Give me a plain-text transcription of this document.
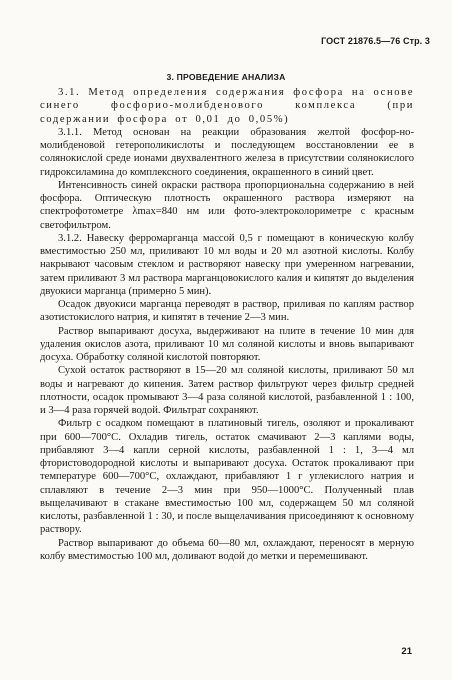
ГОСТ 21876.5—76 Стр. 3
3. ПРОВЕДЕНИЕ АНАЛИЗА

3.1. Метод определения содержания фосфора на основе синего фосфорио-молибденового комплекса (при содержании фосфора от 0,01 до 0,05%)

3.1.1. Метод основан на реакции образования желтой фосфор-но-молибденовой гетерополикислоты и последующем восстановлении ее в солянокислой среде ионами двухвалентного железа в присутствии солянокислого гидроксиламина до комплексного соединения, окрашенного в синий цвет.

Интенсивность синей окраски раствора пропорциональна содержанию в ней фосфора. Оптическую плотность окрашенного раствора измеряют на спектрофотометре λmax=840 нм или фото-электроколориметре с красным светофильтром.

3.1.2. Навеску ферромарганца массой 0,5 г помещают в коническую колбу вместимостью 250 мл, приливают 10 мл воды и 20 мл азотной кислоты. Колбу накрывают часовым стеклом и растворяют навеску при умеренном нагревании, затем приливают 3 мл раствора марганцовокислого калия и кипятят до выделения двуокиси марганца (примерно 5 мин).

Осадок двуокиси марганца переводят в раствор, приливая по каплям раствор азотистокислого натрия, и кипятят в течение 2—3 мин.

Раствор выпаривают досуха, выдерживают на плите в течение 10 мин для удаления окислов азота, приливают 10 мл соляной кислоты и вновь выпаривают досуха. Обработку соляной кислотой повторяют.

Сухой остаток растворяют в 15—20 мл соляной кислоты, приливают 50 мл воды и нагревают до кипения. Затем раствор фильтруют через фильтр средней плотности, осадок промывают 3—4 раза соляной кислотой, разбавленной 1 : 100, и 3—4 раза горячей водой. Фильтрат сохраняют.

Фильтр с осадком помещают в платиновый тигель, озоляют и прокаливают при 600—700°С. Охладив тигель, остаток смачивают 2—3 каплями воды, прибавляют 3—4 капли серной кислоты, разбавленной 1 : 1, 3—4 мл фтористоводородной кислоты и выпаривают досуха. Остаток прокаливают при температуре 600—700°С, охлаждают, прибавляют 1 г углекислого натрия и сплавляют в течение 2—3 мин при 950—1000°С. Полученный плав выщелачивают в стакане вместимостью 100 мл, содержащем 50 мл соляной кислоты, разбавленной 1 : 30, и после выщелачивания присоединяют к основному раствору.

Раствор выпаривают до объема 60—80 мл, охлаждают, переносят в мерную колбу вместимостью 100 мл, доливают водой до метки и перемешивают.

21
